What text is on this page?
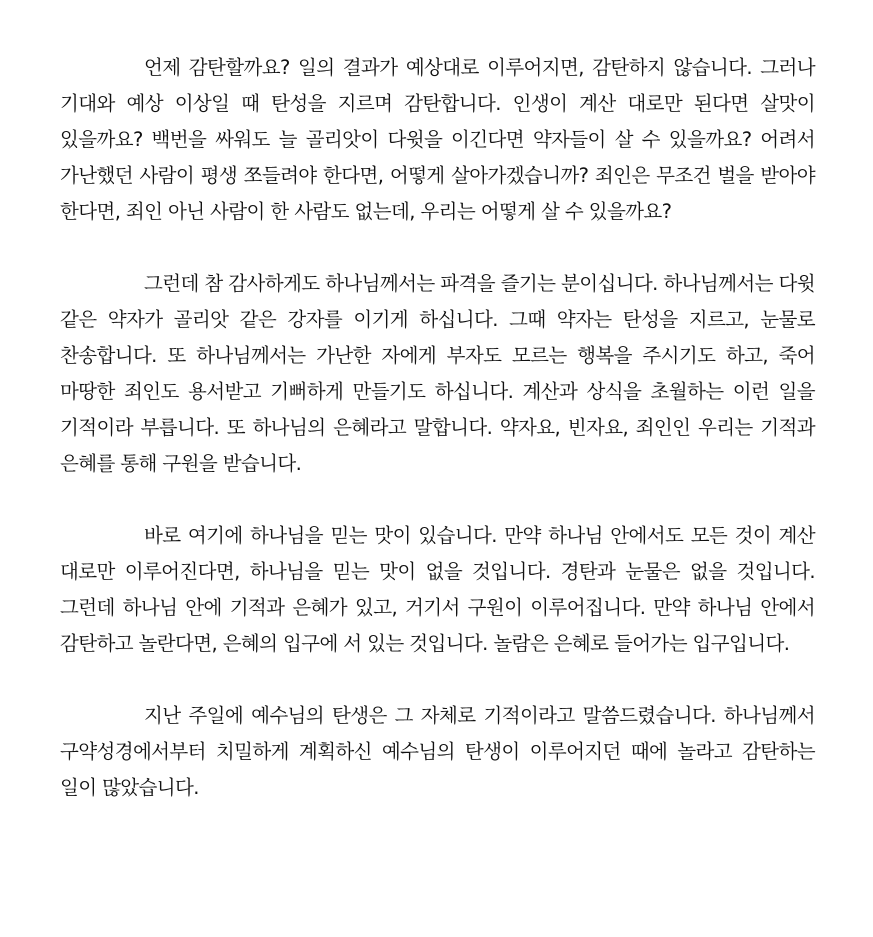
언제 감탄할까요? 일의 결과가 예상대로 이루어지면, 감탄하지 않습니다. 그러나 기대와 예상 이상일 때 탄성을 지르며 감탄합니다. 인생이 계산 대로만 된다면 살맛이 있을까요? 백번을 싸워도 늘 골리앗이 다윗을 이긴다면 약자들이 살 수 있을까요? 어려서 가난했던 사람이 평생 쪼들려야 한다면, 어떻게 살아가겠습니까? 죄인은 무조건 벌을 받아야 한다면, 죄인 아닌 사람이 한 사람도 없는데, 우리는 어떻게 살 수 있을까요?

그런데 참 감사하게도 하나님께서는 파격을 즐기는 분이십니다. 하나님께서는 다윗 같은 약자가 골리앗 같은 강자를 이기게 하십니다. 그때 약자는 탄성을 지르고, 눈물로 찬송합니다. 또 하나님께서는 가난한 자에게 부자도 모르는 행복을 주시기도 하고, 죽어 마땅한 죄인도 용서받고 기뻐하게 만들기도 하십니다. 계산과 상식을 초월하는 이런 일을 기적이라 부릅니다. 또 하나님의 은혜라고 말합니다. 약자요, 빈자요, 죄인인 우리는 기적과 은혜를 통해 구원을 받습니다.

바로 여기에 하나님을 믿는 맛이 있습니다. 만약 하나님 안에서도 모든 것이 계산 대로만 이루어진다면, 하나님을 믿는 맛이 없을 것입니다. 경탄과 눈물은 없을 것입니다. 그런데 하나님 안에 기적과 은혜가 있고, 거기서 구원이 이루어집니다. 만약 하나님 안에서 감탄하고 놀란다면, 은혜의 입구에 서 있는 것입니다. 놀람은 은혜로 들어가는 입구입니다.

지난 주일에 예수님의 탄생은 그 자체로 기적이라고 말씀드렸습니다. 하나님께서 구약성경에서부터 치밀하게 계획하신 예수님의 탄생이 이루어지던 때에 놀라고 감탄하는 일이 많았습니다.
